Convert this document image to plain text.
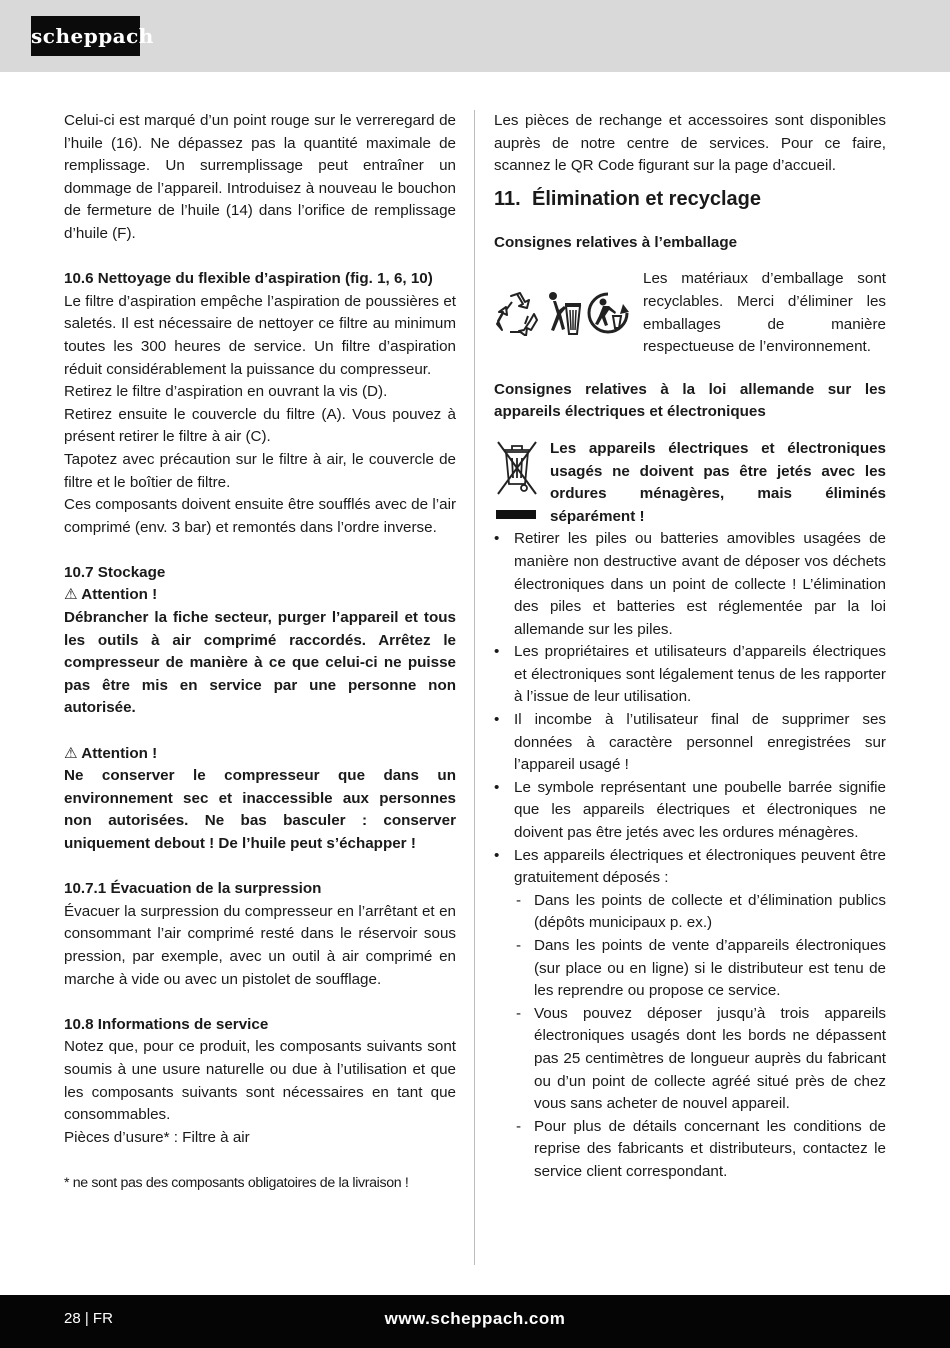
scheppach

Celui-ci est marqué d’un point rouge sur le verreregard de l’huile (16). Ne dépassez pas la quantité maximale de remplissage. Un surremplissage peut entraîner un dommage de l’appareil. Introduisez à nouveau le bouchon de fermeture de l’huile (14) dans l’orifice de remplissage d’huile (F).

10.6 Nettoyage du flexible d’aspiration (fig. 1, 6, 10)

Le filtre d’aspiration empêche l’aspiration de poussières et saletés. Il est nécessaire de nettoyer ce filtre au minimum toutes les 300 heures de service. Un filtre d’aspiration réduit considérablement la puissance du compresseur.

Retirez le filtre d’aspiration en ouvrant la vis (D).

Retirez ensuite le couvercle du filtre (A). Vous pouvez à présent retirer le filtre à air (C).

Tapotez avec précaution sur le filtre à air, le couvercle de filtre et le boîtier de filtre.

Ces composants doivent ensuite être soufflés avec de l’air comprimé (env. 3 bar) et remontés dans l’ordre inverse.

10.7 Stockage

⚠ Attention !

Débrancher la fiche secteur, purger l’appareil et tous les outils à air comprimé raccordés. Arrêtez le compresseur de manière à ce que celui-ci ne puisse pas être mis en service par une personne non autorisée.

⚠ Attention !

Ne conserver le compresseur que dans un environnement sec et inaccessible aux personnes non autorisées. Ne bas basculer : conserver uniquement debout ! De l’huile peut s’échapper !

10.7.1 Évacuation de la surpression

Évacuer la surpression du compresseur en l’arrêtant et en consommant l’air comprimé resté dans le réservoir sous pression, par exemple, avec un outil à air comprimé en marche à vide ou avec un pistolet de soufflage.

10.8 Informations de service

Notez que, pour ce produit, les composants suivants sont soumis à une usure naturelle ou due à l’utilisation et que les composants suivants sont nécessaires en tant que consommables.

Pièces d’usure* : Filtre à air

* ne sont pas des composants obligatoires de la livraison !

Les pièces de rechange et accessoires sont disponibles auprès de notre centre de services. Pour ce faire, scannez le QR Code figurant sur la page d’accueil.

11. Élimination et recyclage

Consignes relatives à l’emballage

Les matériaux d’emballage sont recyclables. Merci d’éliminer les emballages de manière respectueuse de l’environnement.

Consignes relatives à la loi allemande sur les appareils électriques et électroniques

Les appareils électriques et électroniques usagés ne doivent pas être jetés avec les ordures ménagères, mais éliminés séparément !

• Retirer les piles ou batteries amovibles usagées de manière non destructive avant de déposer vos déchets électroniques dans un point de collecte ! L’élimination des piles et batteries est réglementée par la loi allemande sur les piles.
• Les propriétaires et utilisateurs d’appareils électriques et électroniques sont légalement tenus de les rapporter à l’issue de leur utilisation.
• Il incombe à l’utilisateur final de supprimer ses données à caractère personnel enregistrées sur l’appareil usagé !
• Le symbole représentant une poubelle barrée signifie que les appareils électriques et électroniques ne doivent pas être jetés avec les ordures ménagères.
• Les appareils électriques et électroniques peuvent être gratuitement déposés :
- Dans les points de collecte et d’élimination publics (dépôts municipaux p. ex.)
- Dans les points de vente d’appareils électroniques (sur place ou en ligne) si le distributeur est tenu de les reprendre ou propose ce service.
- Vous pouvez déposer jusqu’à trois appareils électroniques usagés dont les bords ne dépassent pas 25 centimètres de longueur auprès du fabricant ou d’un point de collecte agréé situé près de chez vous sans acheter de nouvel appareil.
- Pour plus de détails concernant les conditions de reprise des fabricants et distributeurs, contactez le service client correspondant.
28 | FR	www.scheppach.com
